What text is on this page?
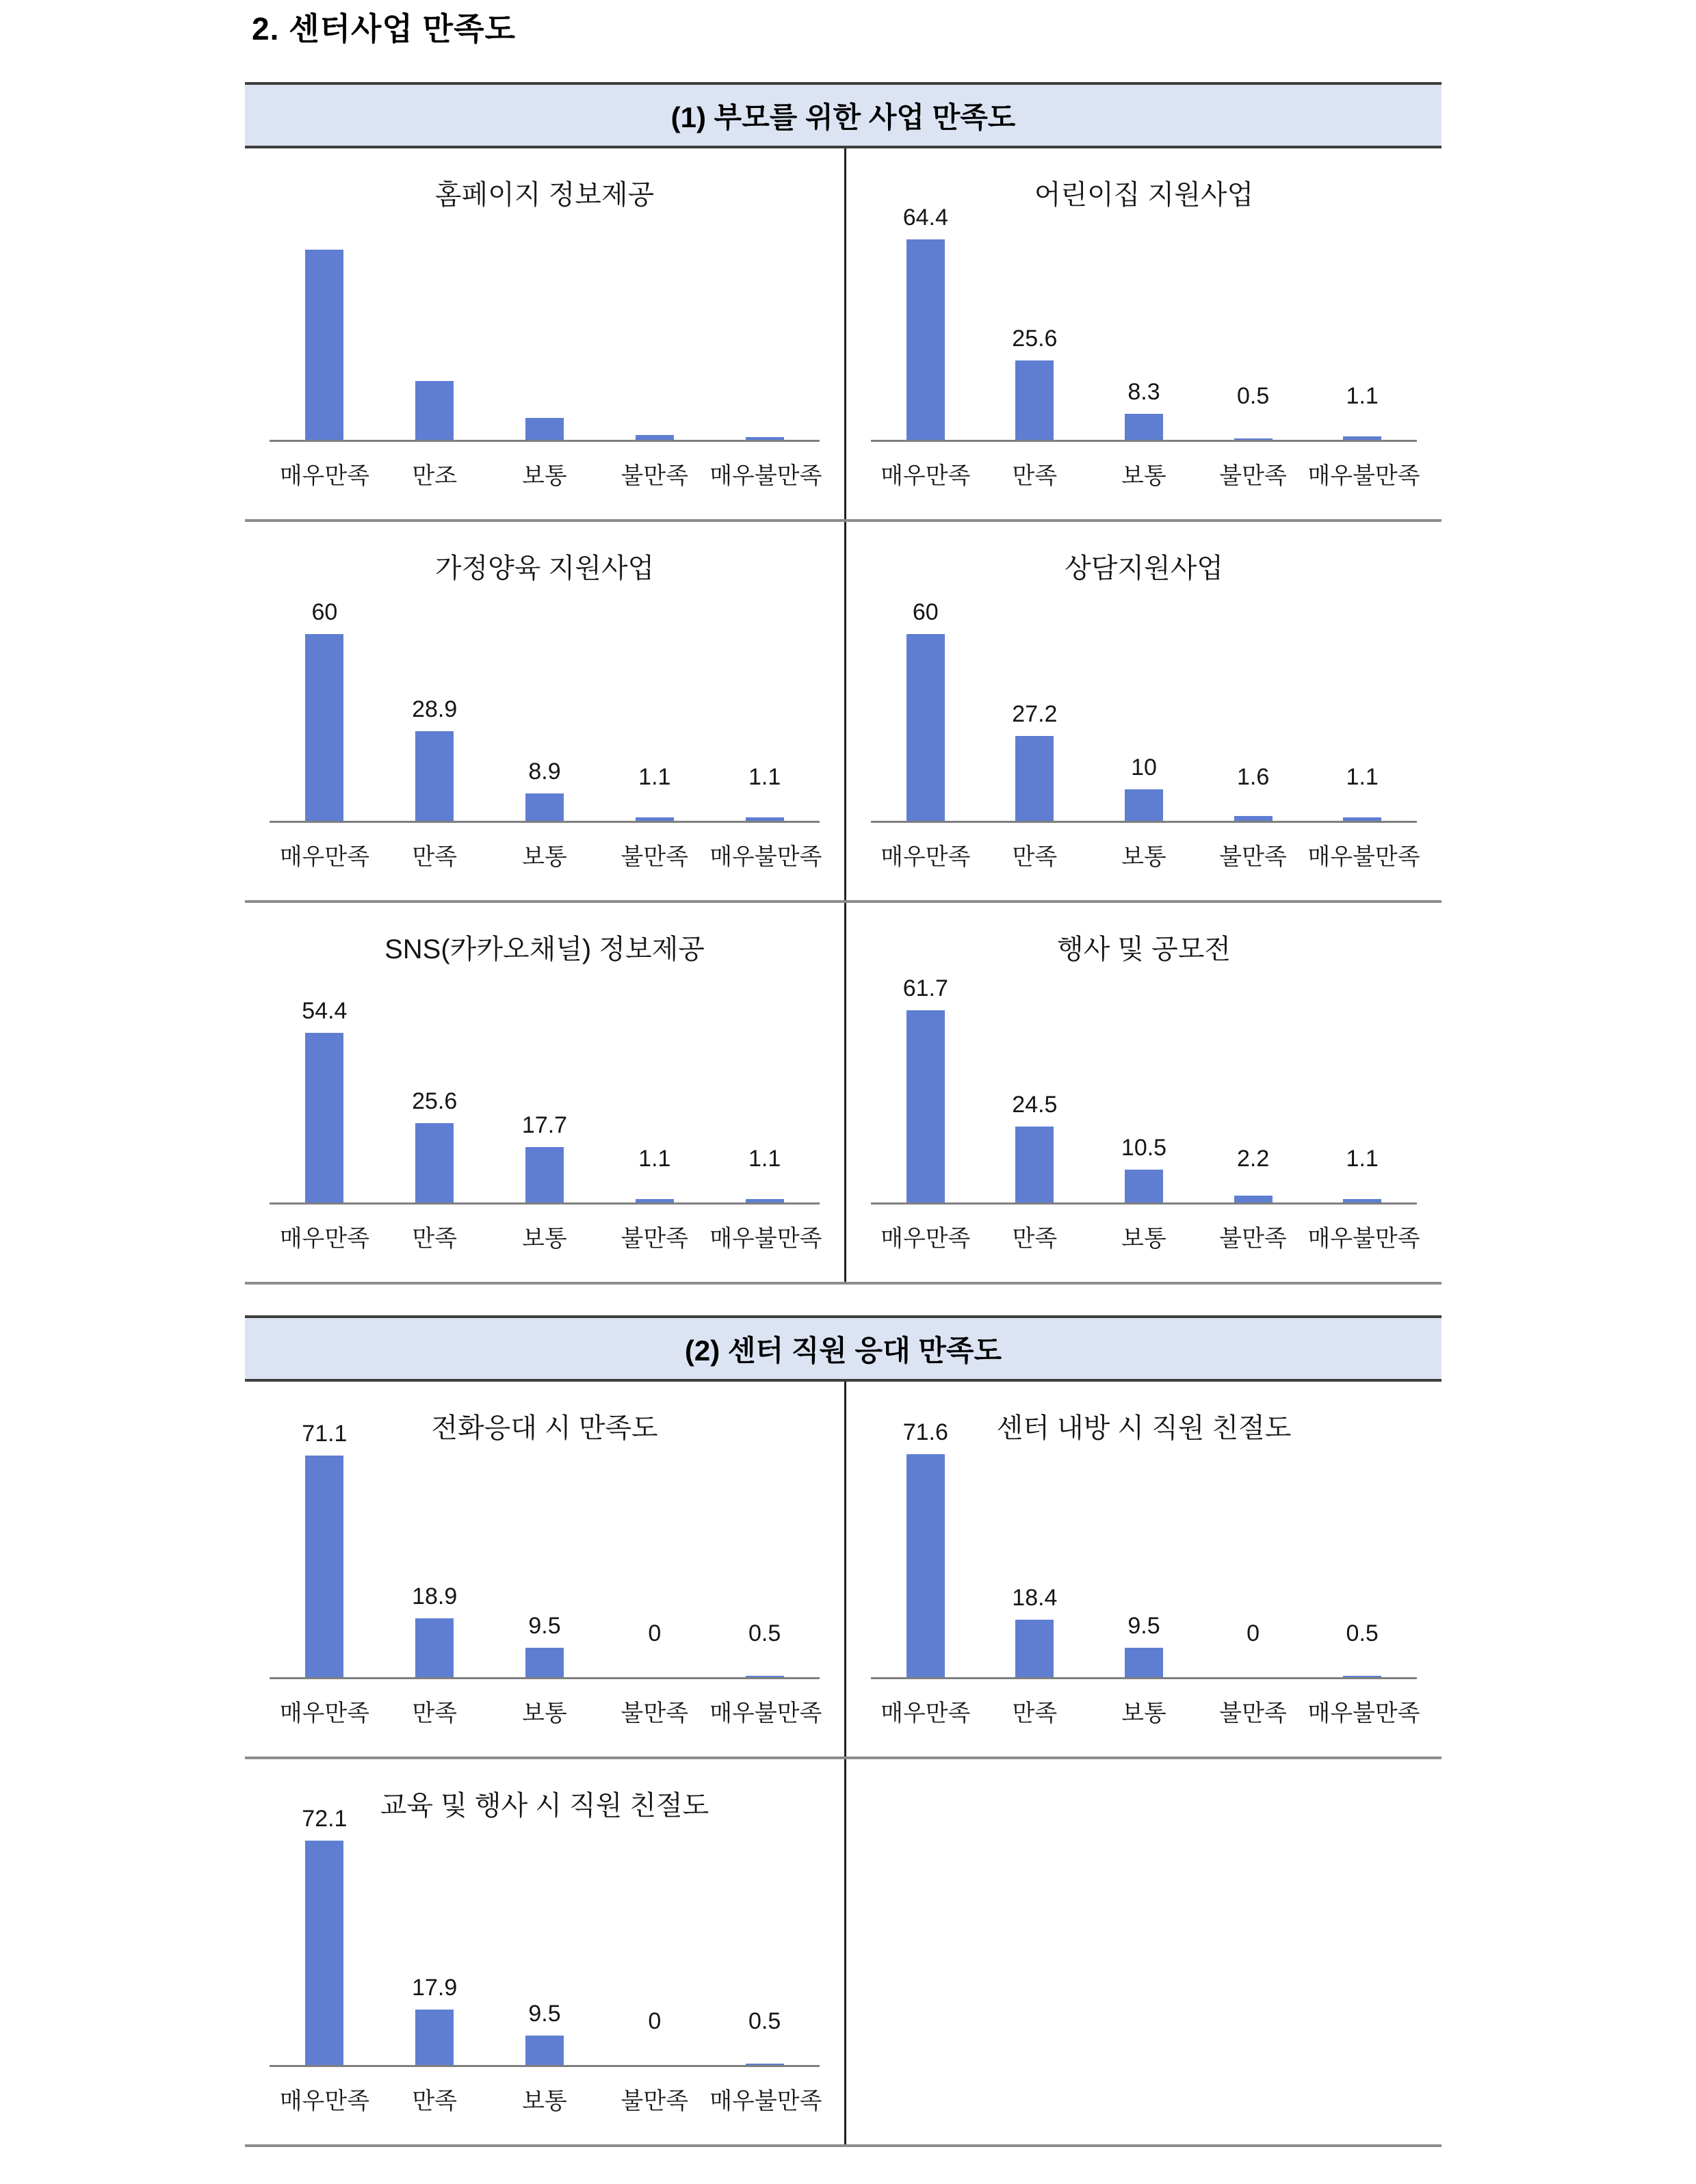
2. 센터사업 만족도
(1) 부모를 위한 사업 만족도
홈페이지 정보제공
매우만족	만조	보통	불만족 매우불만족
어린이집 지원사업
64.4
25.6
8.3	0.5	1.1
매우만족	만족	보통	불만족 매우불만족
가정양육 지원사업
60
28.9
8.9	1.1	1.1
매우만족	만족	보통	불만족 매우불만족
상담지원사업
60
27.2
10	1.6	1.1
매우만족	만족	보통	불만족 매우불만족
SNS(카카오채널) 정보제공
54.4
25.6
17.7
1.1	1.1
매우만족	만족	보통	불만족 매우불만족
행사 및 공모전
61.7
24.5
10.5	2.2	1.1
매우만족	만족	보통	불만족 매우불만족
(2) 센터 직원 응대 만족도
전화응대 시 만족도
71.1
18.9
9.5	0	0.5
매우만족	만족	보통	불만족 매우불만족
센터 내방 시 직원 친절도
71.6
18.4
9.5	0	0.5
매우만족	만족	보통	불만족 매우불만족
교육 및 행사 시 직원 친절도
72.1
17.9
9.5	0	0.5
매우만족	만족	보통	불만족 매우불만족
